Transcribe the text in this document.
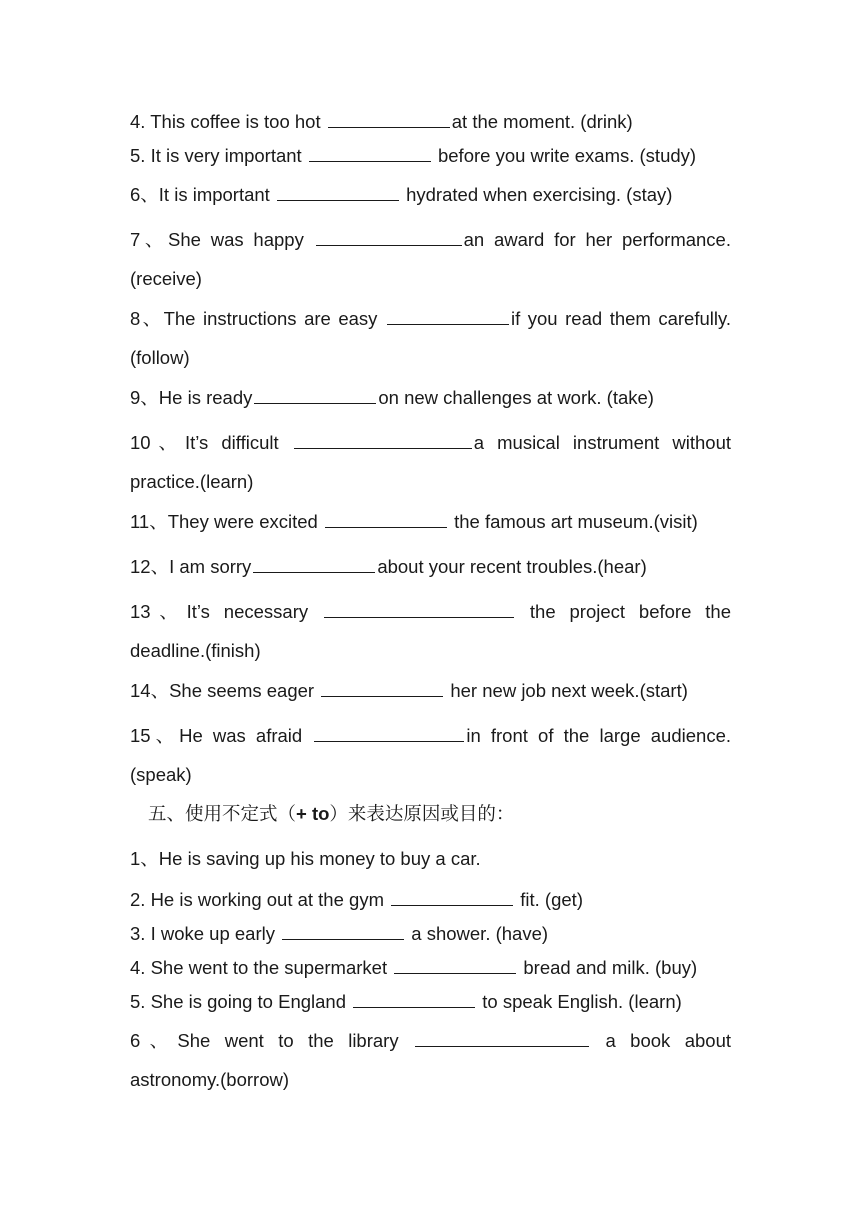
4. This coffee is too hot	at the moment. (drink)
5. It is very important	before you write exams. (study)
6、It is important	hydrated when exercising. (stay)
7、She was happy	an award for her performance.
(receive)
8、The instructions are easy	if you read them carefully.
(follow)
9、He is ready	on new challenges at work. (take)
10、It’s difficult	a musical instrument without
practice.(learn)
11、They were excited	the famous art museum.(visit)
12、I am sorry	about your recent troubles.(hear)
13、It’s necessary	the project before the
deadline.(finish)
14、She seems eager	her new job next week.(start)
15、He was afraid	in front of the large audience.
(speak)
五、使用不定式（+ to）来表达原因或目的：
1、He is saving up his money to buy a car.
2. He is working out at the gym	fit. (get)
3. I woke up early	a shower. (have)
4. She went to the supermarket	bread and milk. (buy)
5. She is going to England	to speak English. (learn)
6、She went to the library	a book about
astronomy.(borrow)
